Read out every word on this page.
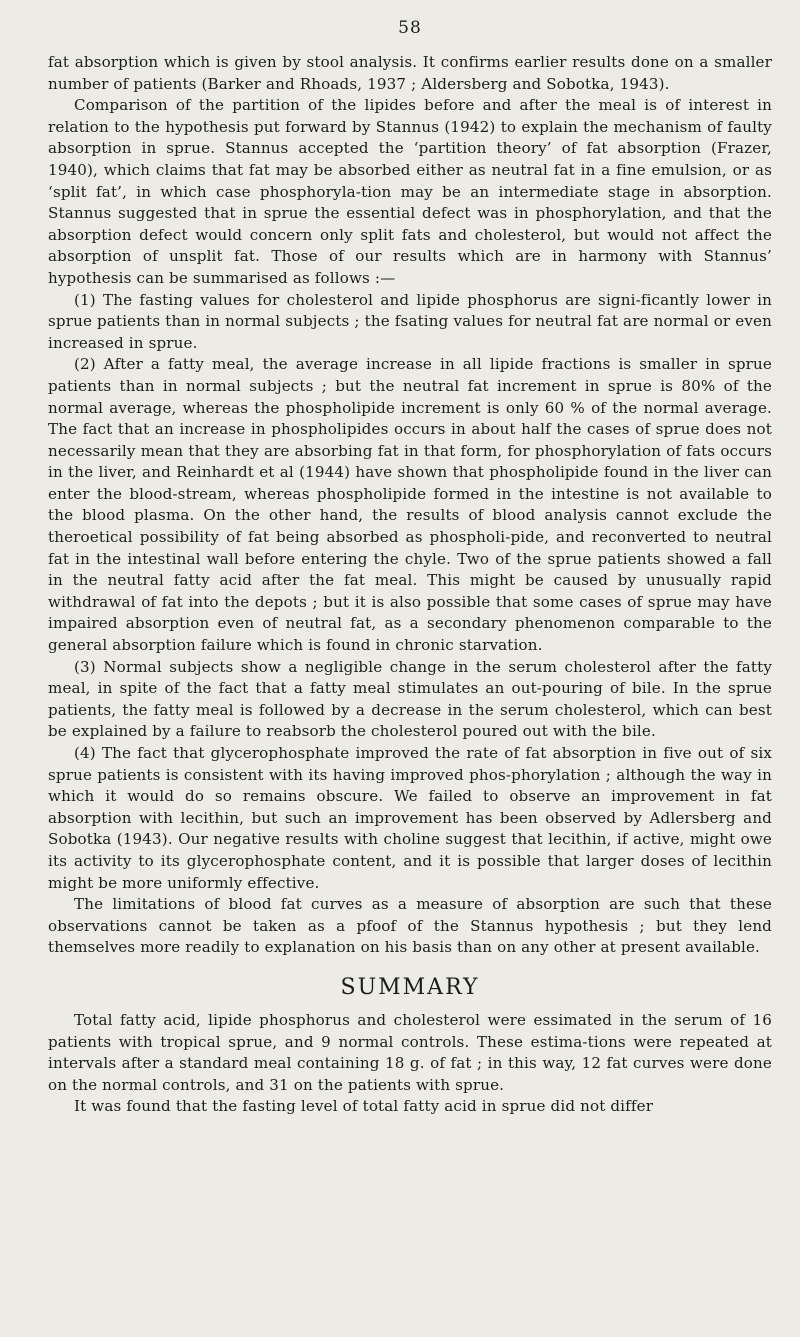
58

fat absorption which is given by stool analysis. It confirms earlier results done on a smaller number of patients (Barker and Rhoads, 1937 ; Aldersberg and Sobotka, 1943).

Comparison of the partition of the lipides before and after the meal is of interest in relation to the hypothesis put forward by Stannus (1942) to explain the mechanism of faulty absorption in sprue. Stannus accepted the ‘partition theory’ of fat absorption (Frazer, 1940), which claims that fat may be absorbed either as neutral fat in a fine emulsion, or as ‘split fat’, in which case phosphoryla-tion may be an intermediate stage in absorption. Stannus suggested that in sprue the essential defect was in phosphorylation, and that the absorption defect would concern only split fats and cholesterol, but would not affect the absorption of unsplit fat. Those of our results which are in harmony with Stannus’ hypothesis can be summarised as follows :—

(1) The fasting values for cholesterol and lipide phosphorus are signi-ficantly lower in sprue patients than in normal subjects ; the fsating values for neutral fat are normal or even increased in sprue.

(2) After a fatty meal, the average increase in all lipide fractions is smaller in sprue patients than in normal subjects ; but the neutral fat increment in sprue is 80% of the normal average, whereas the phospholipide increment is only 60 % of the normal average. The fact that an increase in phospholipides occurs in about half the cases of sprue does not necessarily mean that they are absorbing fat in that form, for phosphorylation of fats occurs in the liver, and Reinhardt et al (1944) have shown that phospholipide found in the liver can enter the blood-stream, whereas phospholipide formed in the intestine is not available to the blood plasma. On the other hand, the results of blood analysis cannot exclude the theroetical possibility of fat being absorbed as phospholi-pide, and reconverted to neutral fat in the intestinal wall before entering the chyle. Two of the sprue patients showed a fall in the neutral fatty acid after the fat meal. This might be caused by unusually rapid withdrawal of fat into the depots ; but it is also possible that some cases of sprue may have impaired absorption even of neutral fat, as a secondary phenomenon comparable to the general absorption failure which is found in chronic starvation.

(3) Normal subjects show a negligible change in the serum cholesterol after the fatty meal, in spite of the fact that a fatty meal stimulates an out-pouring of bile. In the sprue patients, the fatty meal is followed by a decrease in the serum cholesterol, which can best be explained by a failure to reabsorb the cholesterol poured out with the bile.

(4) The fact that glycerophosphate improved the rate of fat absorption in five out of six sprue patients is consistent with its having improved phos-phorylation ; although the way in which it would do so remains obscure. We failed to observe an improvement in fat absorption with lecithin, but such an improvement has been observed by Adlersberg and Sobotka (1943). Our negative results with choline suggest that lecithin, if active, might owe its activity to its glycerophosphate content, and it is possible that larger doses of lecithin might be more uniformly effective.

The limitations of blood fat curves as a measure of absorption are such that these observations cannot be taken as a pfoof of the Stannus hypothesis ; but they lend themselves more readily to explanation on his basis than on any other at present available.

SUMMARY

Total fatty acid, lipide phosphorus and cholesterol were essimated in the serum of 16 patients with tropical sprue, and 9 normal controls. These estima-tions were repeated at intervals after a standard meal containing 18 g. of fat ; in this way, 12 fat curves were done on the normal controls, and 31 on the patients with sprue.

It was found that the fasting level of total fatty acid in sprue did not differ
